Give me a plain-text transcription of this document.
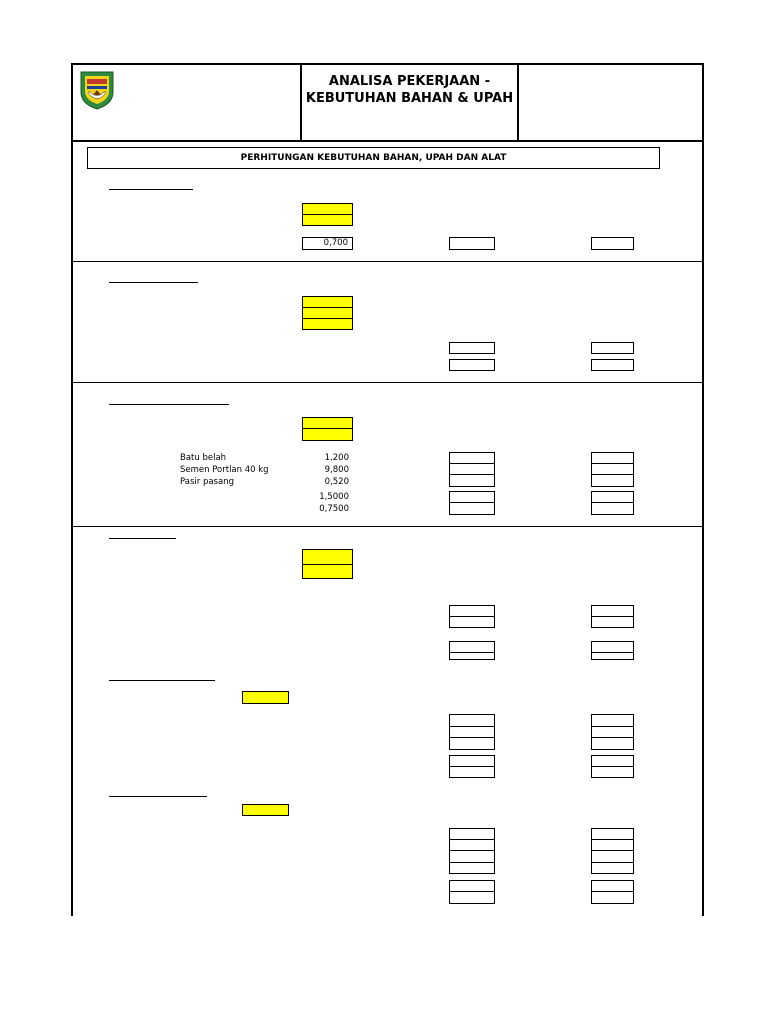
ANALISA PEKERJAAN -
KEBUTUHAN BAHAN & UPAH
PERHITUNGAN KEBUTUHAN BAHAN, UPAH DAN ALAT
0,700
Batu belah
Semen Portlan 40 kg
Pasir pasang
1,200
9,800
0,520
1,5000
0,7500
